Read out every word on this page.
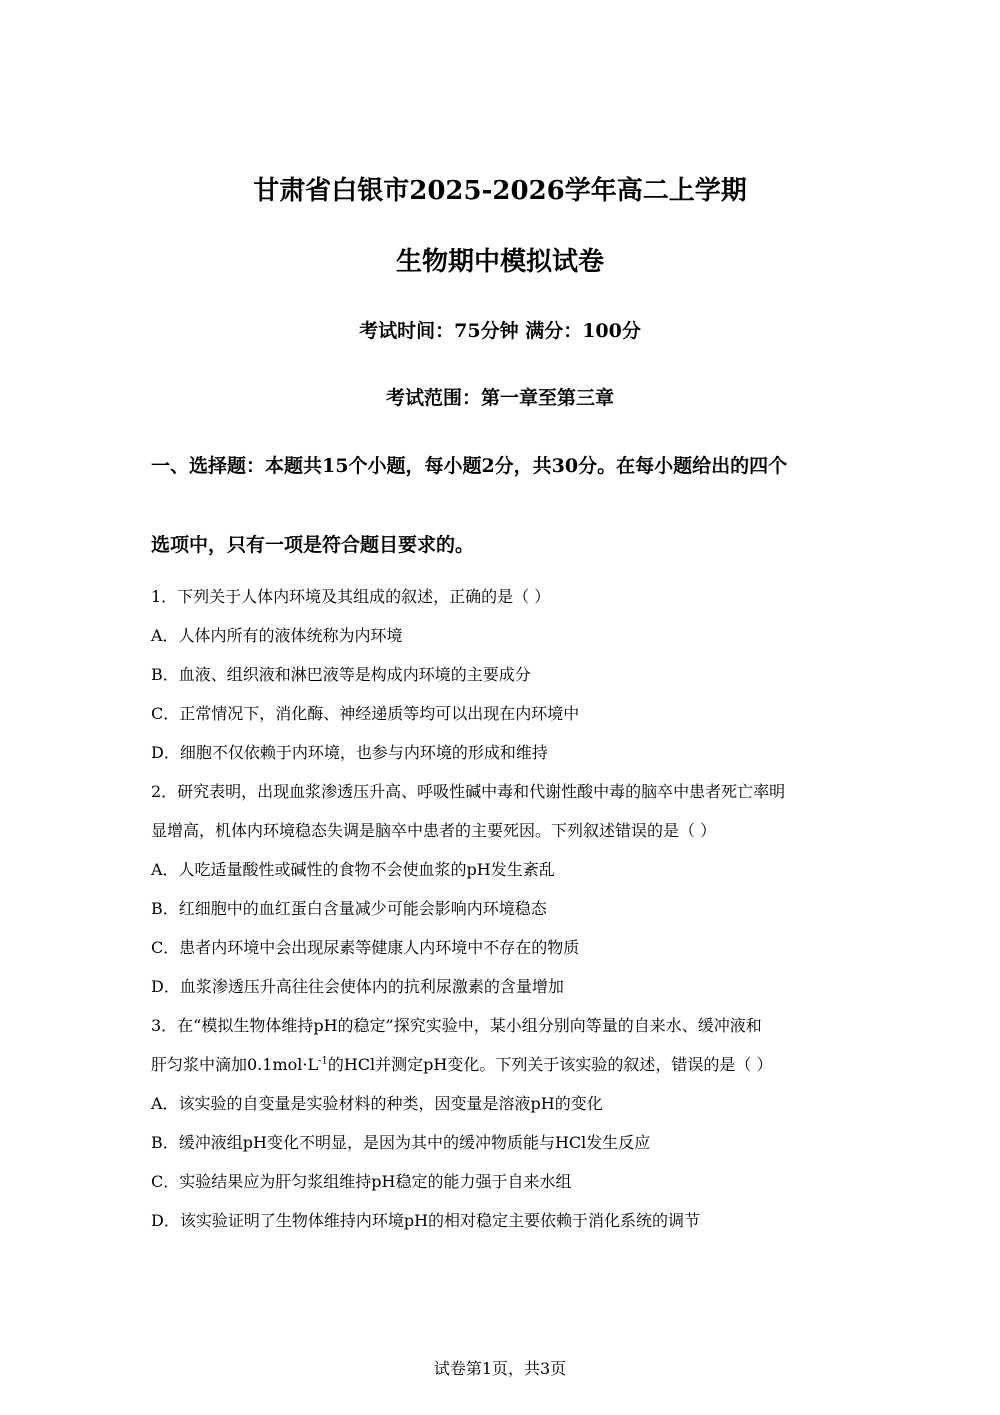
甘肃省白银市2025-2026学年高二上学期
生物期中模拟试卷
考试时间：75分钟 满分：100分
考试范围：第一章至第三章
一、选择题：本题共15个小题，每小题2分，共30分。在每小题给出的四个
选项中，只有一项是符合题目要求的。
1．下列关于人体内环境及其组成的叙述，正确的是（ ）
A．人体内所有的液体统称为内环境
B．血液、组织液和淋巴液等是构成内环境的主要成分
C．正常情况下，消化酶、神经递质等均可以出现在内环境中
D．细胞不仅依赖于内环境，也参与内环境的形成和维持
2．研究表明，出现血浆渗透压升高、呼吸性碱中毒和代谢性酸中毒的脑卒中患者死亡率明
显增高，机体内环境稳态失调是脑卒中患者的主要死因。下列叙述错误的是（ ）
A．人吃适量酸性或碱性的食物不会使血浆的pH发生紊乱
B．红细胞中的血红蛋白含量减少可能会影响内环境稳态
C．患者内环境中会出现尿素等健康人内环境中不存在的物质
D．血浆渗透压升高往往会使体内的抗利尿激素的含量增加
3．在“模拟生物体维持pH的稳定”探究实验中，某小组分别向等量的自来水、缓冲液和
肝匀浆中滴加$0.1mol\cdot L^{-1}$的HCl并测定pH变化。下列关于该实验的叙述，错误的是（ ）
A．该实验的自变量是实验材料的种类，因变量是溶液pH的变化
B．缓冲液组pH变化不明显，是因为其中的缓冲物质能与HCl发生反应
C．实验结果应为肝匀浆组维持pH稳定的能力强于自来水组
D．该实验证明了生物体维持内环境pH的相对稳定主要依赖于消化系统的调节
试卷第1页，共3页
